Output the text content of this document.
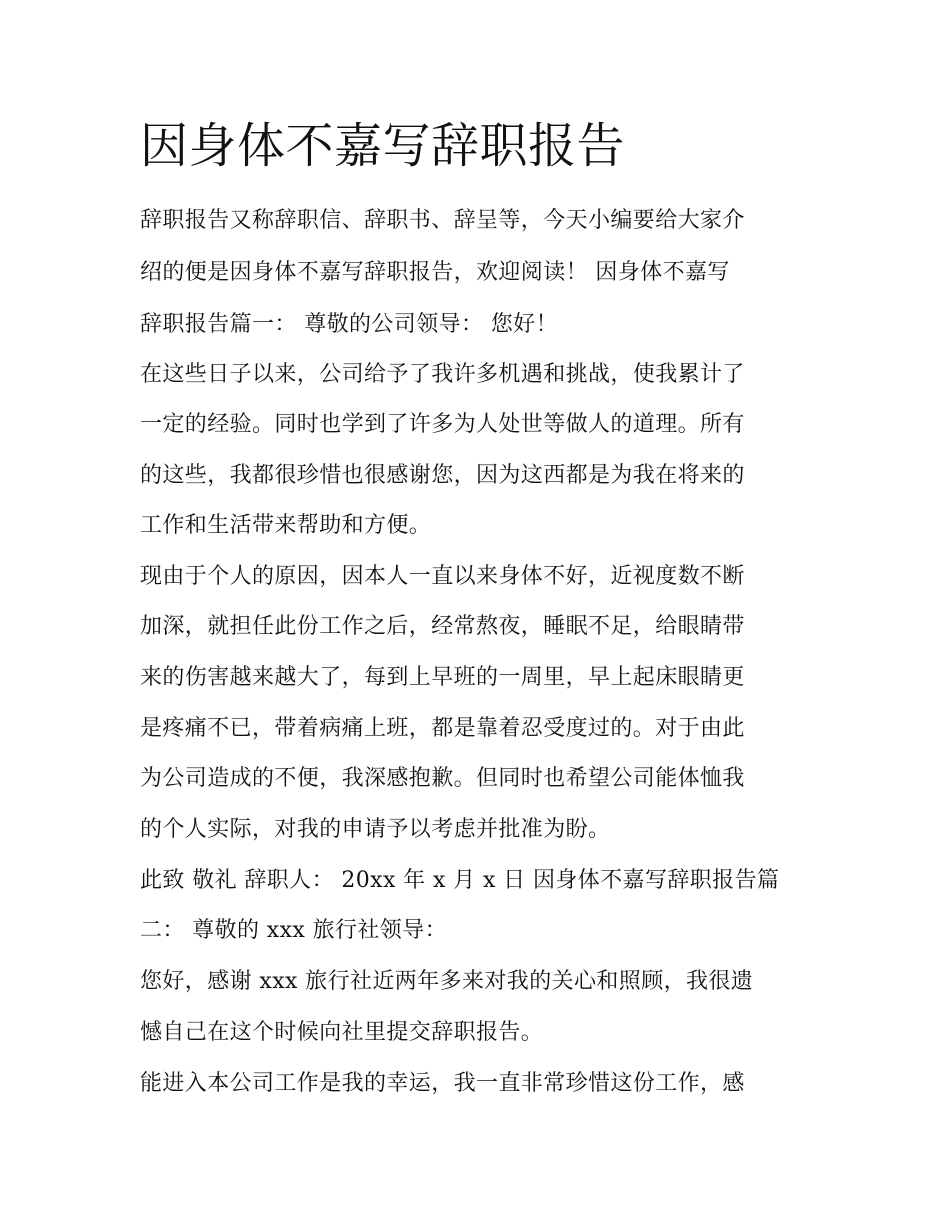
因身体不嘉写辞职报告
辞职报告又称辞职信、辞职书、辞呈等，今天小编要给大家介
绍的便是因身体不嘉写辞职报告，欢迎阅读！ 因身体不嘉写
辞职报告篇一： 尊敬的公司领导： 您好！
在这些日子以来，公司给予了我许多机遇和挑战，使我累计了
一定的经验。同时也学到了许多为人处世等做人的道理。所有
的这些，我都很珍惜也很感谢您，因为这西都是为我在将来的
工作和生活带来帮助和方便。
现由于个人的原因，因本人一直以来身体不好，近视度数不断
加深，就担任此份工作之后，经常熬夜，睡眠不足，给眼睛带
来的伤害越来越大了，每到上早班的一周里，早上起床眼睛更
是疼痛不已，带着病痛上班，都是靠着忍受度过的。对于由此
为公司造成的不便，我深感抱歉。但同时也希望公司能体恤我
的个人实际，对我的申请予以考虑并批准为盼。
此致 敬礼 辞职人： 20xx 年 x 月 x 日 因身体不嘉写辞职报告篇
二： 尊敬的 xxx 旅行社领导：
您好，感谢 xxx 旅行社近两年多来对我的关心和照顾，我很遗
憾自己在这个时候向社里提交辞职报告。
能进入本公司工作是我的幸运，我一直非常珍惜这份工作，感
